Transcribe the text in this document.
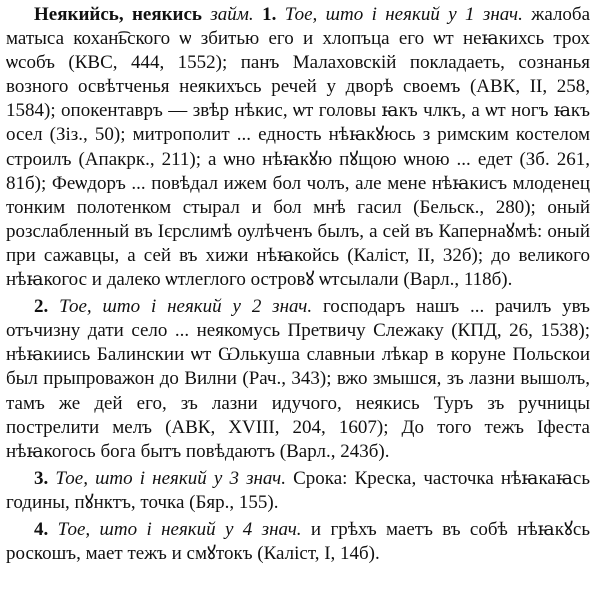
Неякийсь, неякись займ. 1. Тое, што і неякий у 1 знач. жалоба матыса кохан͡ьского ѡ збитью его и хлопъца его ѡт неꙗкихсь трох ѡсобъ (КВС, 444, 1552); панъ Малаховскій покладаеть, сознанья возного освѣтченья неякихъсь речей у дворѣ своемъ (АВК, II, 258, 1584); опокентавръ — звѣр нѣкис, ѡт головы ꙗкъ члкъ, а ѡт ногъ ꙗкъ осел (Зіз., 50); митрополит ... едность нѣꙗкꙋюсь з римским костелом строилъ (Апакрк., 211); а ѡно нѣꙗкꙋю пꙋщою ѡною ... едет (Зб. 261, 81б); Феѡдоръ ... повѣдал ижем бол чолъ, але мене нѣꙗкисъ млоденец тонким полотенком стырал и бол мнѣ гасил (Бельск., 280); оный розслабленный въ Ієрслимѣ оулѣченъ былъ, а сей въ Капернаꙋмѣ: оный при сажавцы, а сей въ хижи нѣꙗкойсь (Каліст, II, 32б); до великого нѣꙗкогос и далеко ѡтлеглого островꙋ ѡтсылали (Варл., 118б).

2. Тое, што і неякий у 2 знач. господаръ нашъ ... рачилъ увъ отъчизну дати село ... неякомусь Претвичу Слежаку (КПД, 26, 1538); нѣꙗкиись Балинскии ѡт Ѡлькуша славныи лѣкар в коруне Польскои был прыпроважон до Вилни (Рач., 343); вжо змышся, зъ лазни вышолъ, тамъ же дей его, зъ лазни идучого, неякись Туръ зъ ручницы пострелити мелъ (АВК, XVIII, 204, 1607); До того тежъ Іфеста нѣꙗкогось бога бытъ повѣдаютъ (Варл., 243б).

3. Тое, што і неякий у 3 знач. Срока: Креска, часточка нѣꙗкаꙗсь годины, пꙋнктъ, точка (Бяр., 155).

4. Тое, што і неякий у 4 знач. и грѣхъ маетъ въ собѣ нѣꙗкꙋсь роскошъ, мает тежъ и смꙋтокъ (Каліст, I, 14б).
